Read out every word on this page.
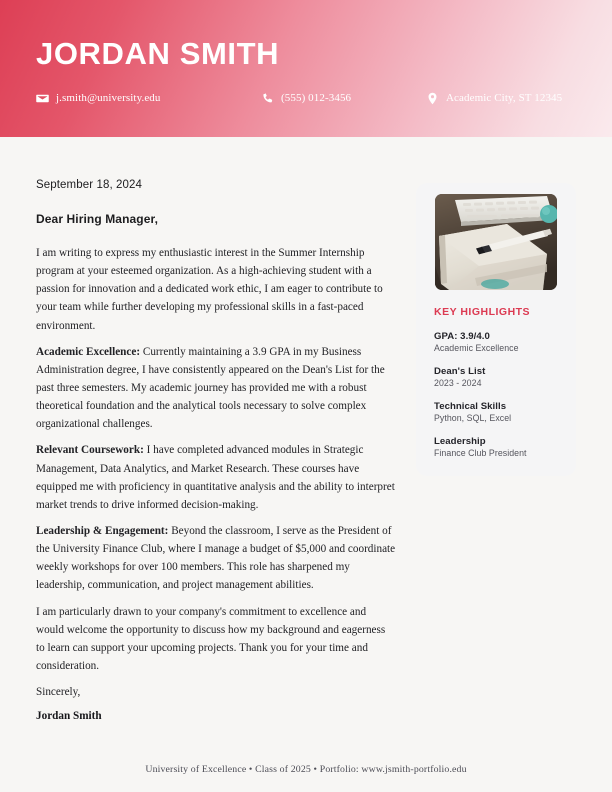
JORDAN SMITH
j.smith@university.edu	(555) 012-3456	Academic City, ST 12345

September 18, 2024

Dear Hiring Manager,

I am writing to express my enthusiastic interest in the Summer Internship program at your esteemed organization. As a high-achieving student with a passion for innovation and a dedicated work ethic, I am eager to contribute to your team while further developing my professional skills in a fast-paced environment.

Academic Excellence: Currently maintaining a 3.9 GPA in my Business Administration degree, I have consistently appeared on the Dean's List for the past three semesters. My academic journey has provided me with a robust theoretical foundation and the analytical tools necessary to solve complex organizational challenges.

Relevant Coursework: I have completed advanced modules in Strategic Management, Data Analytics, and Market Research. These courses have equipped me with proficiency in quantitative analysis and the ability to interpret market trends to drive informed decision-making.

Leadership & Engagement: Beyond the classroom, I serve as the President of the University Finance Club, where I manage a budget of $5,000 and coordinate weekly workshops for over 100 members. This role has sharpened my leadership, communication, and project management abilities.

I am particularly drawn to your company's commitment to excellence and would welcome the opportunity to discuss how my background and eagerness to learn can support your upcoming projects. Thank you for your time and consideration.

Sincerely,

Jordan Smith

KEY HIGHLIGHTS

GPA: 3.9/4.0

Academic Excellence

Dean's List

2023 - 2024

Technical Skills

Python, SQL, Excel

Leadership

Finance Club President

University of Excellence • Class of 2025 • Portfolio: www.jsmith-portfolio.edu
